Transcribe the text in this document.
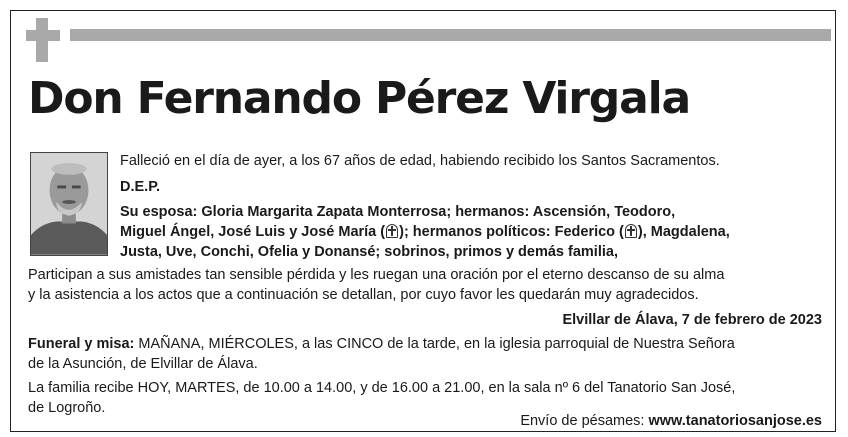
Don Fernando Pérez Virgala
Falleció en el día de ayer, a los 67 años de edad, habiendo recibido los Santos Sacramentos.
D.E.P.
Su esposa: Gloria Margarita Zapata Monterrosa; hermanos: Ascensión, Teodoro,
Miguel Ángel, José Luis y José María ( ); hermanos políticos: Federico ( ), Magdalena,
Justa, Uve, Conchi, Ofelia y Donansé; sobrinos, primos y demás familia,
Participan a sus amistades tan sensible pérdida y les ruegan una oración por el eterno descanso de su alma
y la asistencia a los actos que a continuación se detallan, por cuyo favor les quedarán muy agradecidos.
Elvillar de Álava, 7 de febrero de 2023
Funeral y misa: MAÑANA, MIÉRCOLES, a las CINCO de la tarde, en la iglesia parroquial de Nuestra Señora
de la Asunción, de Elvillar de Álava.
La familia recibe HOY, MARTES, de 10.00 a 14.00, y de 16.00 a 21.00, en la sala nº 6 del Tanatorio San José,
de Logroño.
Envío de pésames: www.tanatoriosanjose.es
